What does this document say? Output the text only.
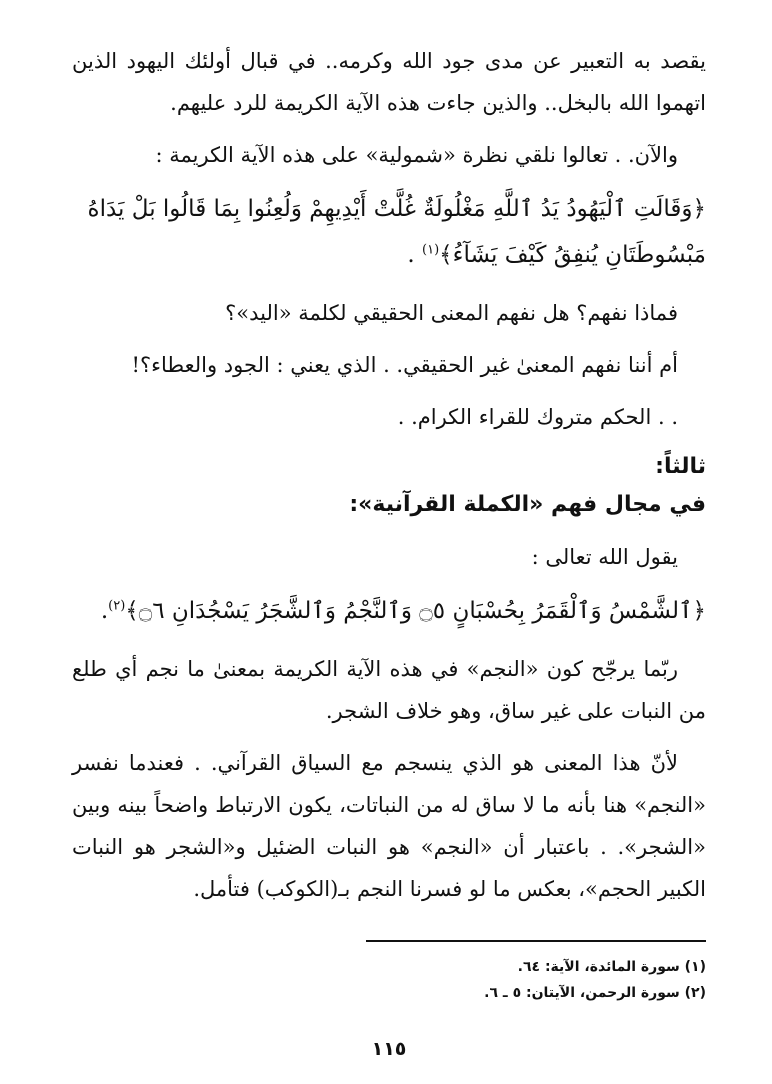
يقصد به التعبير عن مدى جود الله وكرمه.. في قبال أولئك اليهود الذين اتهموا الله بالبخل.. والذين جاءت هذه الآية الكريمة للرد عليهم.

والآن. . تعالوا نلقي نظرة «شمولية» على هذه الآية الكريمة :

﴿وَقَالَتِ ٱلْيَهُودُ يَدُ ٱللَّهِ مَغْلُولَةٌ غُلَّتْ أَيْدِيهِمْ وَلُعِنُوا بِمَا قَالُوا بَلْ يَدَاهُ مَبْسُوطَتَانِ يُنفِقُ كَيْفَ يَشَآءُ﴾$^{(١)}$ .

فماذا نفهم؟ هل نفهم المعنى الحقيقي لكلمة «اليد»؟

أم أننا نفهم المعنىٰ غير الحقيقي. . الذي يعني : الجود والعطاء؟!

. . الحكم متروك للقراء الكرام. .

ثالثاً:

في مجال فهم «الكملة القرآنية»:

يقول الله تعالى :

﴿ٱلشَّمْسُ وَٱلْقَمَرُ بِحُسْبَانٍ ۝٥ وَٱلنَّجْمُ وَٱلشَّجَرُ يَسْجُدَانِ ۝٦﴾$^{(٢)}$.

ربّما يرجّح كون «النجم» في هذه الآية الكريمة بمعنىٰ ما نجم أي طلع من النبات على غير ساق، وهو خلاف الشجر.

لأنّ هذا المعنى هو الذي ينسجم مع السياق القرآني. . فعندما نفسر «النجم» هنا بأنه ما لا ساق له من النباتات، يكون الارتباط واضحاً بينه وبين «الشجر». . باعتبار أن «النجم» هو النبات الضئيل و«الشجر هو النبات الكبير الحجم»، بعكس ما لو فسرنا النجم بـ(الكوكب) فتأمل.

(١) سورة المائدة، الآية: ٦٤.

(٢) سورة الرحمن، الآيتان: ٥ ـ ٦.

١١٥
